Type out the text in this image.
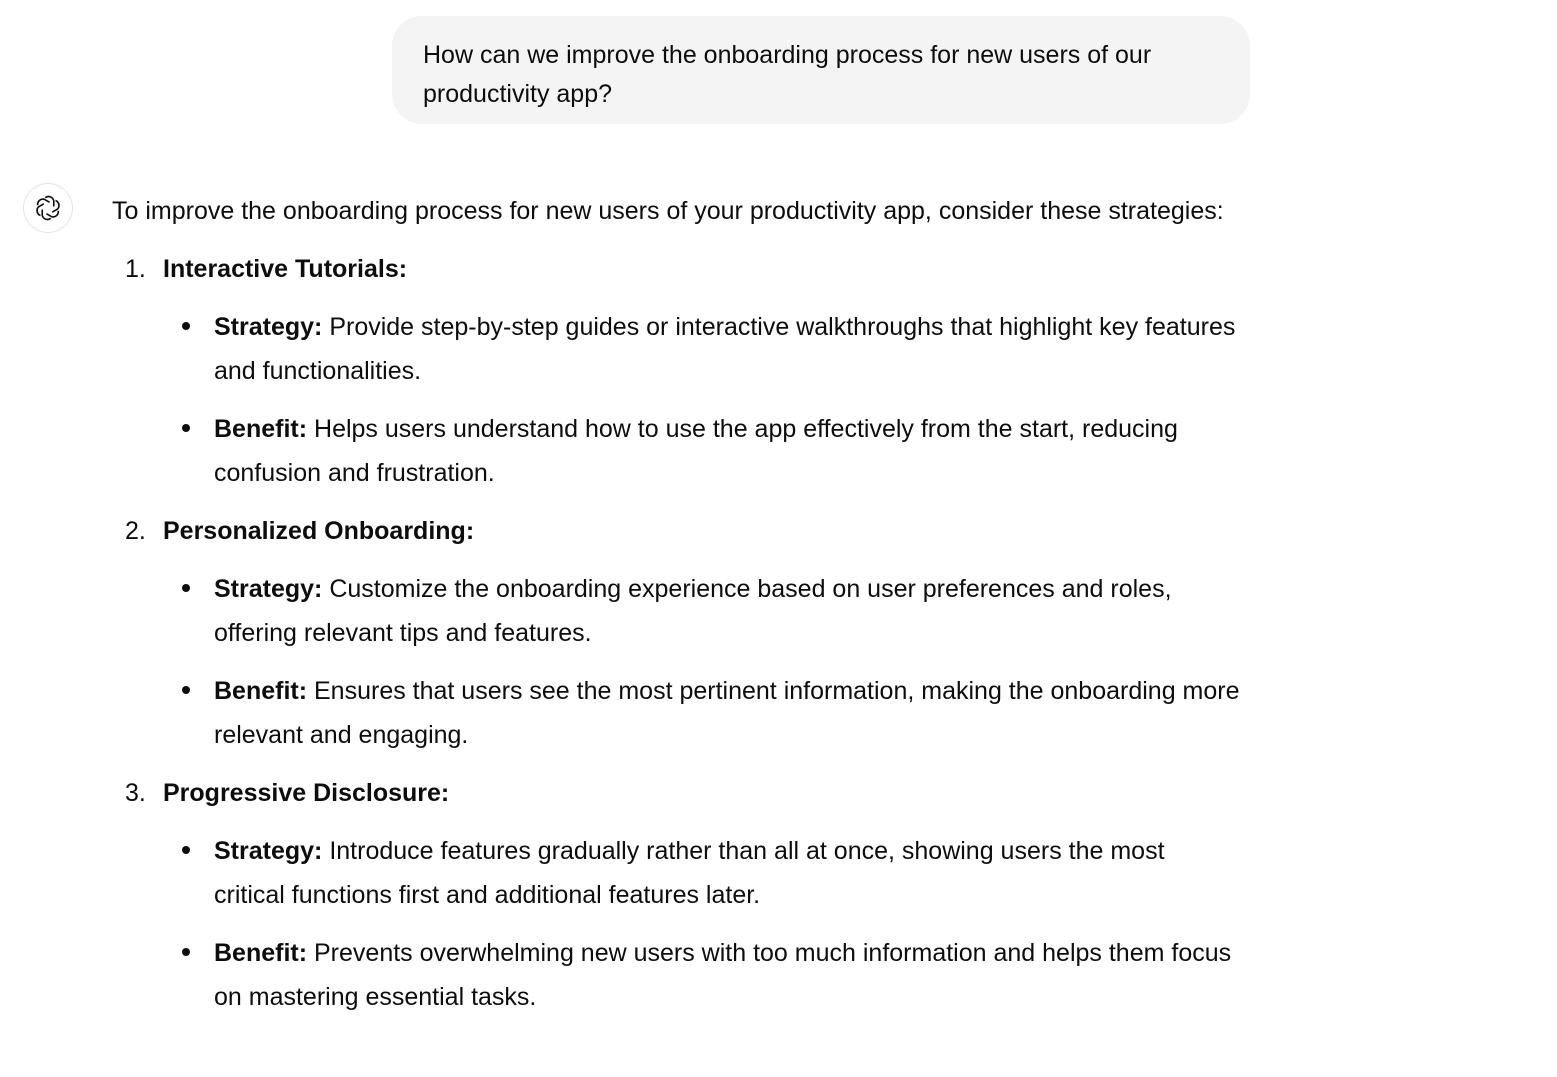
How can we improve the onboarding process for new users of our productivity app?

To improve the onboarding process for new users of your productivity app, consider these strategies:

1. Interactive Tutorials:
Strategy: Provide step-by-step guides or interactive walkthroughs that highlight key features and functionalities.
Benefit: Helps users understand how to use the app effectively from the start, reducing confusion and frustration.
2. Personalized Onboarding:
Strategy: Customize the onboarding experience based on user preferences and roles, offering relevant tips and features.
Benefit: Ensures that users see the most pertinent information, making the onboarding more relevant and engaging.
3. Progressive Disclosure:
Strategy: Introduce features gradually rather than all at once, showing users the most critical functions first and additional features later.
Benefit: Prevents overwhelming new users with too much information and helps them focus on mastering essential tasks.
